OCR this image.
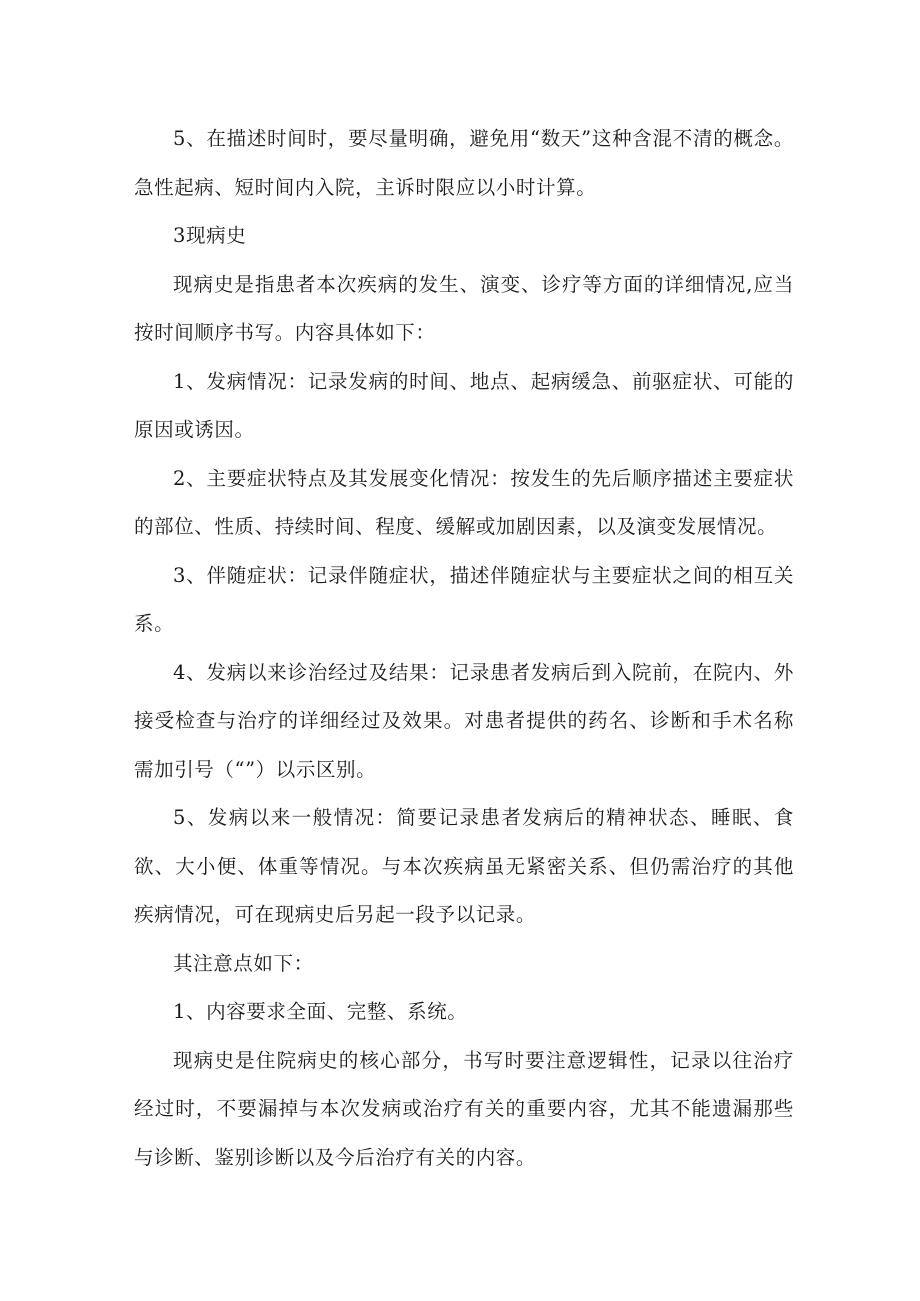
5、在描述时间时，要尽量明确，避免用“数天”这种含混不清的概念。急性起病、短时间内入院，主诉时限应以小时计算。

3现病史

现病史是指患者本次疾病的发生、演变、诊疗等方面的详细情况,应当按时间顺序书写。内容具体如下：

1、发病情况：记录发病的时间、地点、起病缓急、前驱症状、可能的原因或诱因。

2、主要症状特点及其发展变化情况：按发生的先后顺序描述主要症状的部位、性质、持续时间、程度、缓解或加剧因素，以及演变发展情况。

3、伴随症状：记录伴随症状，描述伴随症状与主要症状之间的相互关系。

4、发病以来诊治经过及结果：记录患者发病后到入院前，在院内、外接受检查与治疗的详细经过及效果。对患者提供的药名、诊断和手术名称需加引号（“”）以示区别。

5、发病以来一般情况：简要记录患者发病后的精神状态、睡眠、食欲、大小便、体重等情况。与本次疾病虽无紧密关系、但仍需治疗的其他疾病情况，可在现病史后另起一段予以记录。

其注意点如下：

1、内容要求全面、完整、系统。

现病史是住院病史的核心部分，书写时要注意逻辑性，记录以往治疗经过时，不要漏掉与本次发病或治疗有关的重要内容，尤其不能遗漏那些与诊断、鉴别诊断以及今后治疗有关的内容。
